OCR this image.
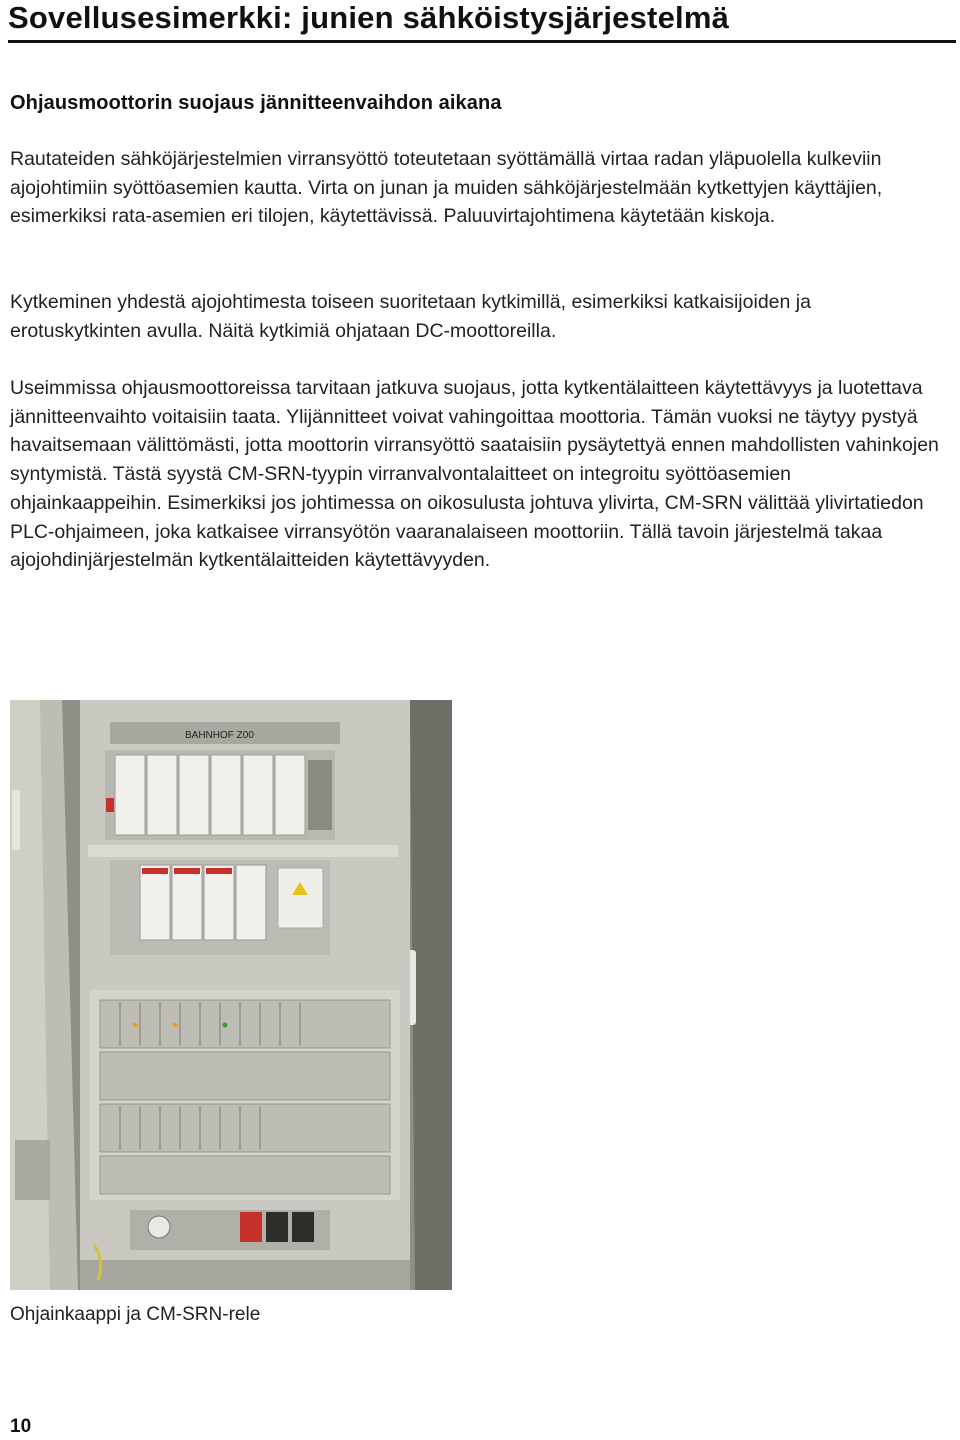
Sovellusesimerkki: junien sähköistysjärjestelmä
Ohjausmoottorin suojaus jännitteenvaihdon aikana

Rautateiden sähköjärjestelmien virransyöttö toteutetaan syöttämällä virtaa radan yläpuolella kulkeviin ajojohtimiin syöttöasemien kautta. Virta on junan ja muiden sähköjärjestelmään kytkettyjen käyttäjien, esimerkiksi rata-asemien eri tilojen, käytettävissä. Paluuvirtajohtimena käytetään kiskoja.

Kytkeminen yhdestä ajojohtimesta toiseen suoritetaan kytkimillä, esimerkiksi katkaisijoiden ja erotuskytkinten avulla. Näitä kytkimiä ohjataan DC-moottoreilla.

Useimmissa ohjausmoottoreissa tarvitaan jatkuva suojaus, jotta kytkentälaitteen käytettävyys ja luotettava jännitteenvaihto voitaisiin taata. Ylijännitteet voivat vahingoittaa moottoria. Tämän vuoksi ne täytyy pystyä havaitsemaan välittömästi, jotta moottorin virransyöttö saataisiin pysäytettyä ennen mahdollisten vahinkojen syntymistä. Tästä syystä CM-SRN-tyypin virranvalvontalaitteet on integroitu syöttöasemien ohjainkaappeihin. Esimerkiksi jos johtimessa on oikosulusta johtuva ylivirta, CM-SRN välittää ylivirtatiedon PLC-ohjaimeen, joka katkaisee virransyötön vaaranalaiseen moottoriin. Tällä tavoin järjestelmä takaa ajojohdinjärjestelmän kytkentälaitteiden käytettävyyden.

BAHNHOF Z00
Ohjainkaappi ja CM-SRN-rele
10
